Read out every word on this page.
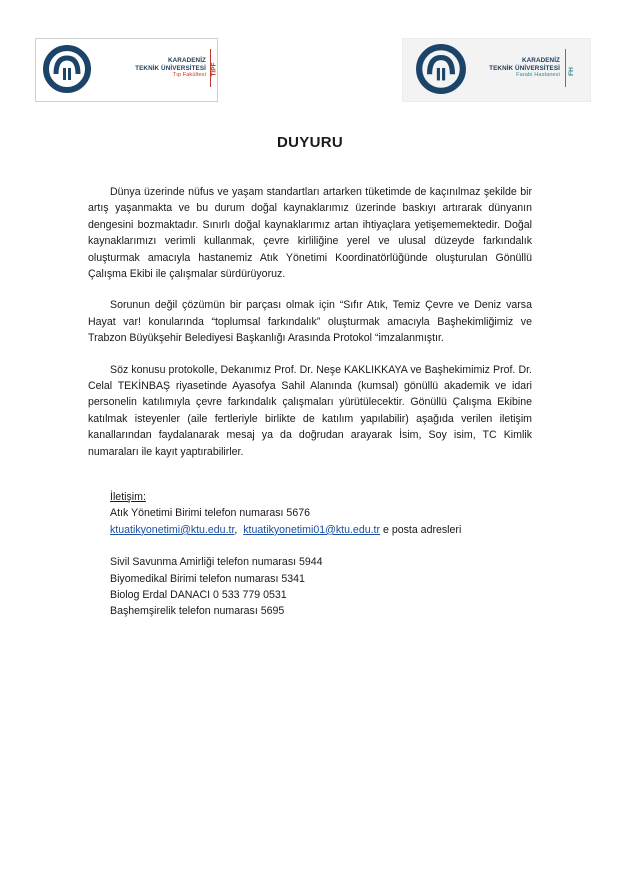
KARADENİZ
TEKNİK ÜNİVERSİTESİ
Tıp Fakültesi TIPF
KARADENİZ
TEKNİK ÜNİVERSİTESİ
Farabi Hastanesi FH
DUYURU

Dünya üzerinde nüfus ve yaşam standartları artarken tüketimde de kaçınılmaz şekilde bir artış yaşanmakta ve bu durum doğal kaynaklarımız üzerinde baskıyı artırarak dünyanın dengesini bozmaktadır. Sınırlı doğal kaynaklarımız artan ihtiyaçlara yetişememektedir. Doğal kaynaklarımızı verimli kullanmak, çevre kirliliğine yerel ve ulusal düzeyde farkındalık oluşturmak amacıyla hastanemiz Atık Yönetimi Koordinatörlüğünde oluşturulan Gönüllü Çalışma Ekibi ile çalışmalar sürdürüyoruz.

Sorunun değil çözümün bir parçası olmak için “Sıfır Atık, Temiz Çevre ve Deniz varsa Hayat var! konularında “toplumsal farkındalık” oluşturmak amacıyla Başhekimliğimiz ve Trabzon Büyükşehir Belediyesi Başkanlığı Arasında Protokol “imzalanmıştır.

Söz konusu protokolle, Dekanımız Prof. Dr. Neşe KAKLIKKAYA ve Başhekimimiz Prof. Dr. Celal TEKİNBAŞ riyasetinde Ayasofya Sahil Alanında (kumsal) gönüllü akademik ve idari personelin katılımıyla çevre farkındalık çalışmaları yürütülecektir. Gönüllü Çalışma Ekibine katılmak isteyenler (aile fertleriyle birlikte de katılım yapılabilir) aşağıda verilen iletişim kanallarından faydalanarak mesaj ya da doğrudan arayarak İsim, Soy isim, TC Kimlik numaraları ile kayıt yaptırabilirler.

İletişim:
Atık Yönetimi Birimi telefon numarası 5676
ktuatikyonetimi@ktu.edu.tr, ktuatikyonetimi01@ktu.edu.tr e posta adresleri
Sivil Savunma Amirliği telefon numarası 5944
Biyomedikal Birimi telefon numarası 5341
Biolog Erdal DANACI 0 533 779 0531
Başhemşirelik telefon numarası 5695
